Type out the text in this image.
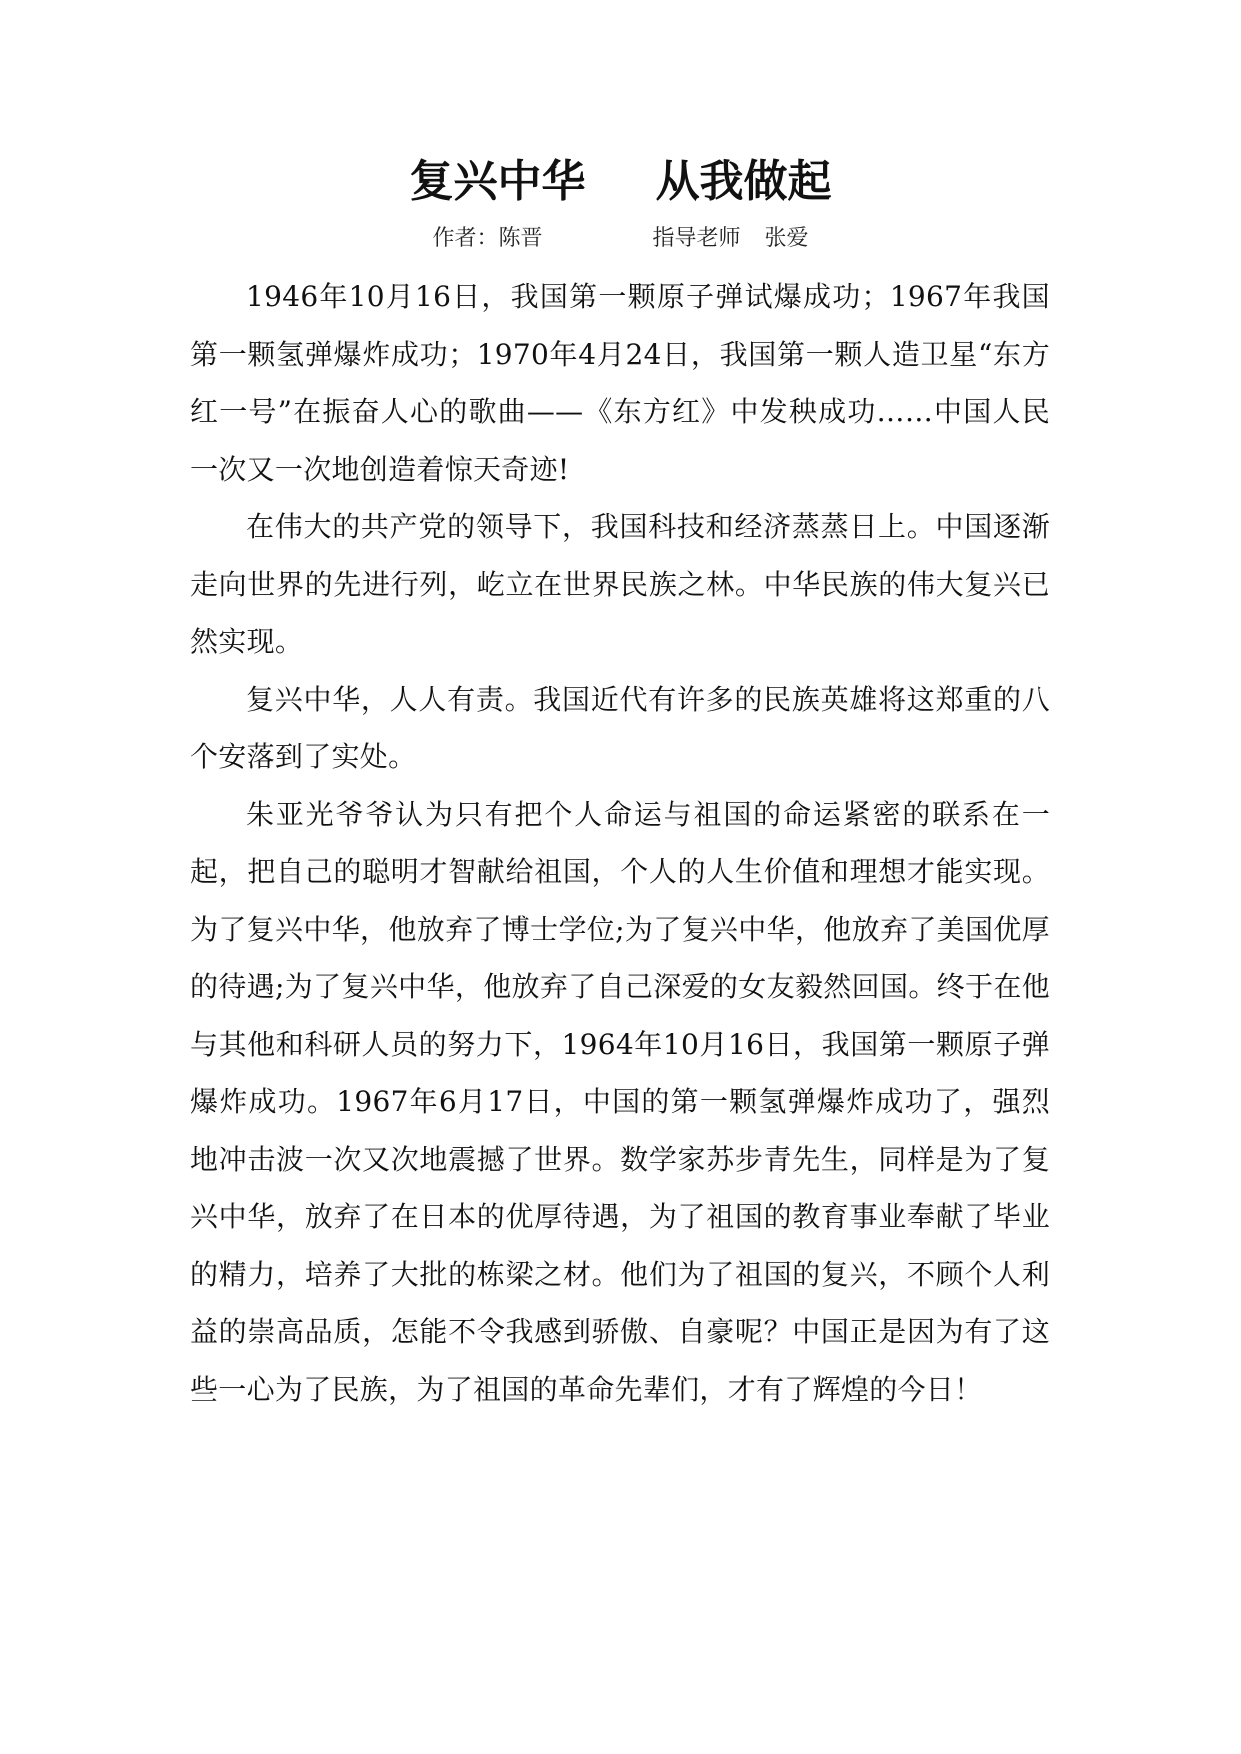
复兴中华 从我做起
作者：陈晋	指导老师 张爱

1946年10月16日，我国第一颗原子弹试爆成功；1967年我国第一颗氢弹爆炸成功；1970年4月24日，我国第一颗人造卫星“东方红一号”在振奋人心的歌曲——《东方红》中发秧成功……中国人民一次又一次地创造着惊天奇迹!

在伟大的共产党的领导下，我国科技和经济蒸蒸日上。中国逐渐走向世界的先进行列，屹立在世界民族之林。中华民族的伟大复兴已然实现。

复兴中华，人人有责。我国近代有许多的民族英雄将这郑重的八个安落到了实处。

朱亚光爷爷认为只有把个人命运与祖国的命运紧密的联系在一起，把自己的聪明才智献给祖国，个人的人生价值和理想才能实现。为了复兴中华，他放弃了博士学位;为了复兴中华，他放弃了美国优厚的待遇;为了复兴中华，他放弃了自己深爱的女友毅然回国。终于在他与其他和科研人员的努力下，1964年10月16日，我国第一颗原子弹爆炸成功。1967年6月17日，中国的第一颗氢弹爆炸成功了，强烈地冲击波一次又次地震撼了世界。数学家苏步青先生，同样是为了复兴中华，放弃了在日本的优厚待遇，为了祖国的教育事业奉献了毕业的精力，培养了大批的栋梁之材。他们为了祖国的复兴，不顾个人利益的崇高品质，怎能不令我感到骄傲、自豪呢？中国正是因为有了这些一心为了民族，为了祖国的革命先辈们，才有了辉煌的今日！
